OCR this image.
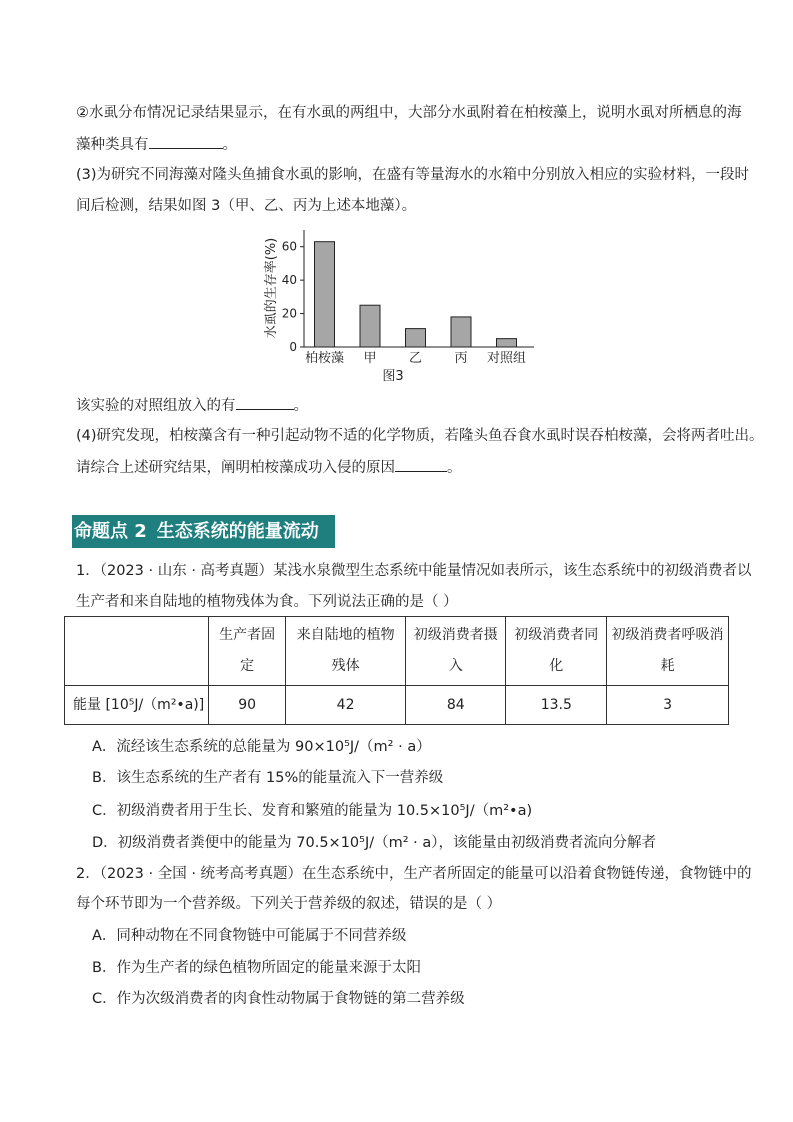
②水虱分布情况记录结果显示，在有水虱的两组中，大部分水虱附着在柏桉藻上，说明水虱对所栖息的海
藻种类具有	。
(3)为研究不同海藻对隆头鱼捕食水虱的影响，在盛有等量海水的水箱中分别放入相应的实验材料，一段时
间后检测，结果如图 3（甲、乙、丙为上述本地藻）。
水虱的生存率(%)
0
20
40
60
柏桉藻 甲 乙 丙 对照组
图3
该实验的对照组放入的有	。
(4)研究发现，柏桉藻含有一种引起动物不适的化学物质，若隆头鱼吞食水虱时误吞柏桉藻，会将两者吐出。
请综合上述研究结果，阐明柏桉藻成功入侵的原因	。
命题点 2 生态系统的能量流动
1．（2023 · 山东 · 高考真题）某浅水泉微型生态系统中能量情况如表所示，该生态系统中的初级消费者以
生产者和来自陆地的植物残体为食。下列说法正确的是（ ）
	生产者固定	来自陆地的植物残体	初级消费者摄入	初级消费者同化	初级消费者呼吸消耗
能量 [10⁵J/（m²•a)]	90	42	84	13.5	3
A．流经该生态系统的总能量为 90×10⁵J/（m² · a）
B．该生态系统的生产者有 15%的能量流入下一营养级
C．初级消费者用于生长、发育和繁殖的能量为 10.5×10⁵J/（m²•a)
D．初级消费者粪便中的能量为 70.5×10⁵J/（m² · a），该能量由初级消费者流向分解者
2．（2023 · 全国 · 统考高考真题）在生态系统中，生产者所固定的能量可以沿着食物链传递，食物链中的
每个环节即为一个营养级。下列关于营养级的叙述，错误的是（ ）
A．同种动物在不同食物链中可能属于不同营养级
B．作为生产者的绿色植物所固定的能量来源于太阳
C．作为次级消费者的肉食性动物属于食物链的第二营养级
